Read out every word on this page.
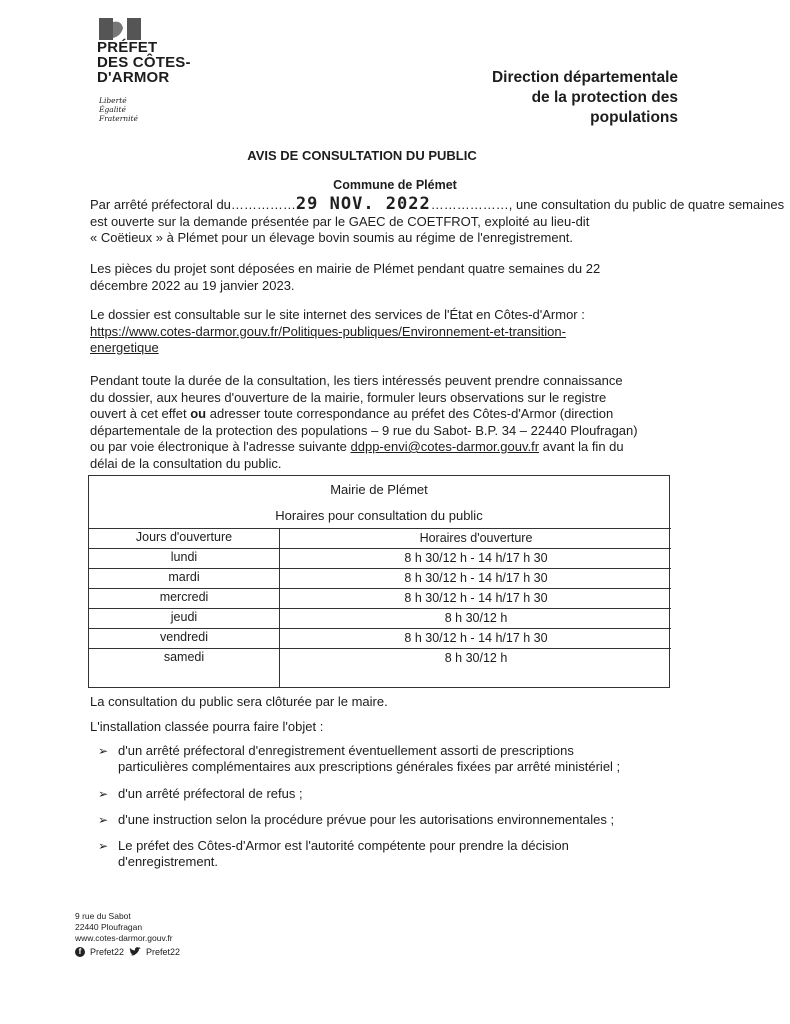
PRÉFET
DES CÔTES-
D'ARMOR
Liberté
Égalité
Fraternité
Direction départementale
de la protection des
populations
AVIS DE CONSULTATION DU PUBLIC
Commune de Plémet
Par arrêté préfectoral du……………29 NOV. 2022………………, une consultation du public de quatre semaines
est ouverte sur la demande présentée par le GAEC de COETFROT, exploité au lieu-dit
« Coëtieux » à Plémet pour un élevage bovin soumis au régime de l'enregistrement.
Les pièces du projet sont déposées en mairie de Plémet pendant quatre semaines du 22
décembre 2022 au 19 janvier 2023.
Le dossier est consultable sur le site internet des services de l'État en Côtes-d'Armor :
https://www.cotes-darmor.gouv.fr/Politiques-publiques/Environnement-et-transition-
energetique
Pendant toute la durée de la consultation, les tiers intéressés peuvent prendre connaissance
du dossier, aux heures d'ouverture de la mairie, formuler leurs observations sur le registre
ouvert à cet effet ou adresser toute correspondance au préfet des Côtes-d'Armor (direction
départementale de la protection des populations – 9 rue du Sabot- B.P. 34 – 22440 Ploufragan)
ou par voie électronique à l'adresse suivante ddpp-envi@cotes-darmor.gouv.fr avant la fin du
délai de la consultation du public.
Mairie de Plémet
Horaires pour consultation du public
Jours d'ouverture	Horaires d'ouverture
lundi	8 h 30/12 h - 14 h/17 h 30
mardi	8 h 30/12 h - 14 h/17 h 30
mercredi	8 h 30/12 h - 14 h/17 h 30
jeudi	8 h 30/12 h
vendredi	8 h 30/12 h - 14 h/17 h 30
samedi	8 h 30/12 h
La consultation du public sera clôturée par le maire.
L'installation classée pourra faire l'objet :
➢ d'un arrêté préfectoral d'enregistrement éventuellement assorti de prescriptions
particulières complémentaires aux prescriptions générales fixées par arrêté ministériel ;
➢ d'un arrêté préfectoral de refus ;
➢ d'une instruction selon la procédure prévue pour les autorisations environnementales ;
➢ Le préfet des Côtes-d'Armor est l'autorité compétente pour prendre la décision
d'enregistrement.
9 rue du Sabot
22440 Ploufragan
www.cotes-darmor.gouv.fr
f Prefet22 Prefet22
